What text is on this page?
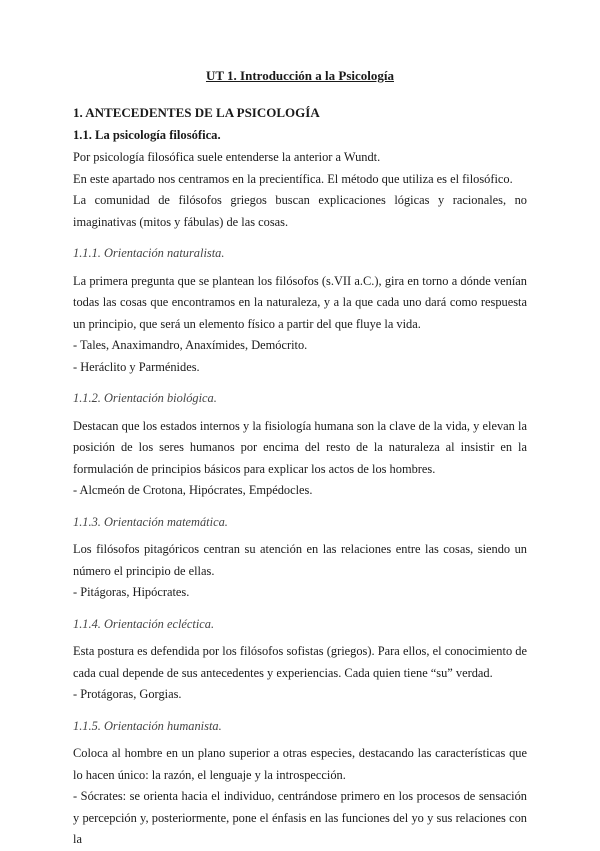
UT 1. Introducción a la Psicología
1. ANTECEDENTES DE LA PSICOLOGÍA
1.1. La psicología filosófica.

Por psicología filosófica suele entenderse la anterior a Wundt.

En este apartado nos centramos en la precientífica. El método que utiliza es el filosófico.

La comunidad de filósofos griegos buscan explicaciones lógicas y racionales, no imaginativas (mitos y fábulas) de las cosas.

1.1.1. Orientación naturalista.

La primera pregunta que se plantean los filósofos (s.VII a.C.), gira en torno a dónde venían todas las cosas que encontramos en la naturaleza, y a la que cada uno dará como respuesta un principio, que será un elemento físico a partir del que fluye la vida.

- Tales, Anaximandro, Anaxímides, Demócrito.

- Heráclito y Parménides.

1.1.2. Orientación biológica.

Destacan que los estados internos y la fisiología humana son la clave de la vida, y elevan la posición de los seres humanos por encima del resto de la naturaleza al insistir en la formulación de principios básicos para explicar los actos de los hombres.

- Alcmeón de Crotona, Hipócrates, Empédocles.

1.1.3. Orientación matemática.

Los filósofos pitagóricos centran su atención en las relaciones entre las cosas, siendo un número el principio de ellas.

- Pitágoras, Hipócrates.

1.1.4. Orientación ecléctica.

Esta postura es defendida por los filósofos sofistas (griegos). Para ellos, el conocimiento de cada cual depende de sus antecedentes y experiencias. Cada quien tiene “su” verdad.

- Protágoras, Gorgias.

1.1.5. Orientación humanista.

Coloca al hombre en un plano superior a otras especies, destacando las características que lo hacen único: la razón, el lenguaje y la introspección.

- Sócrates: se orienta hacia el individuo, centrándose primero en los procesos de sensación y percepción y, posteriormente, pone el énfasis en las funciones del yo y sus relaciones con la
